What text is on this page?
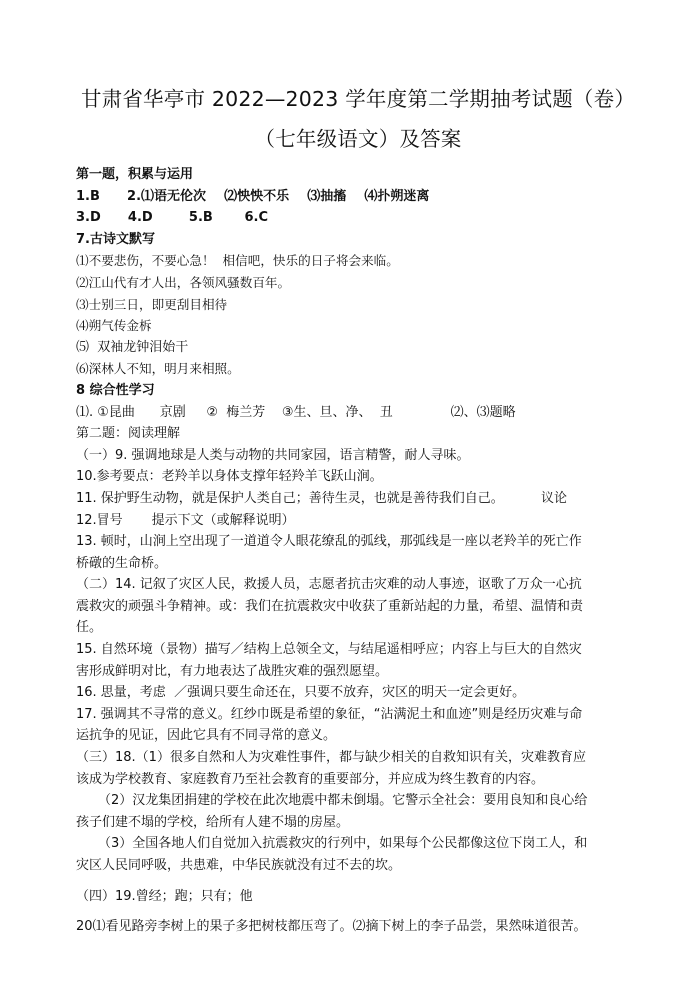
甘肃省华亭市 2022—2023 学年度第二学期抽考试题（卷）
（七年级语文）及答案
第一题，积累与运用
1.B      2.⑴语无伦次    ⑵怏怏不乐    ⑶抽搐    ⑷扑朔迷离
3.D      4.D        5.B       6.C
7.古诗文默写
⑴不要悲伤，不要心急！  相信吧，快乐的日子将会来临。
⑵江山代有才人出，各领风骚数百年。
⑶士别三日，即更刮目相待
⑷朔气传金柝
⑸  双袖龙钟泪始干
⑹深林人不知，明月来相照。
8 综合性学习
⑴. ①昆曲      京剧     ②  梅兰芳    ③生、旦、净、  丑              ⑵、⑶题略
第二题：阅读理解
（一）9. 强调地球是人类与动物的共同家园，语言精警，耐人寻味。
10.参考要点：老羚羊以身体支撑年轻羚羊飞跃山涧。
11. 保护野生动物，就是保护人类自己；善待生灵，也就是善待我们自己。         议论
12.冒号       提示下文（或解释说明）
13. 顿时，山涧上空出现了一道道令人眼花缭乱的弧线，那弧线是一座以老羚羊的死亡作
桥礅的生命桥。
（二）14. 记叙了灾区人民，救援人员，志愿者抗击灾难的动人事迹，讴歌了万众一心抗
震救灾的顽强斗争精神。或：我们在抗震救灾中收获了重新站起的力量，希望、温情和责
任。
15. 自然环境（景物）描写／结构上总领全文，与结尾遥相呼应；内容上与巨大的自然灾
害形成鲜明对比，有力地表达了战胜灾难的强烈愿望。
16. 思量，考虑  ／强调只要生命还在，只要不放弃，灾区的明天一定会更好。
17. 强调其不寻常的意义。红纱巾既是希望的象征，“沾满泥土和血迹”则是经历灾难与命
运抗争的见证，因此它具有不同寻常的意义。
（三）18.（1）很多自然和人为灾难性事件，都与缺少相关的自救知识有关，灾难教育应
该成为学校教育、家庭教育乃至社会教育的重要部分，并应成为终生教育的内容。
（2）汉龙集团捐建的学校在此次地震中都未倒塌。它警示全社会：要用良知和良心给
孩子们建不塌的学校，给所有人建不塌的房屋。
（3）全国各地人们自觉加入抗震救灾的行列中，如果每个公民都像这位下岗工人，和
灾区人民同呼吸，共患难，中华民族就没有过不去的坎。
（四）19.曾经；跑；只有；他
20⑴看见路旁李树上的果子多把树枝都压弯了。⑵摘下树上的李子品尝，果然味道很苦。
